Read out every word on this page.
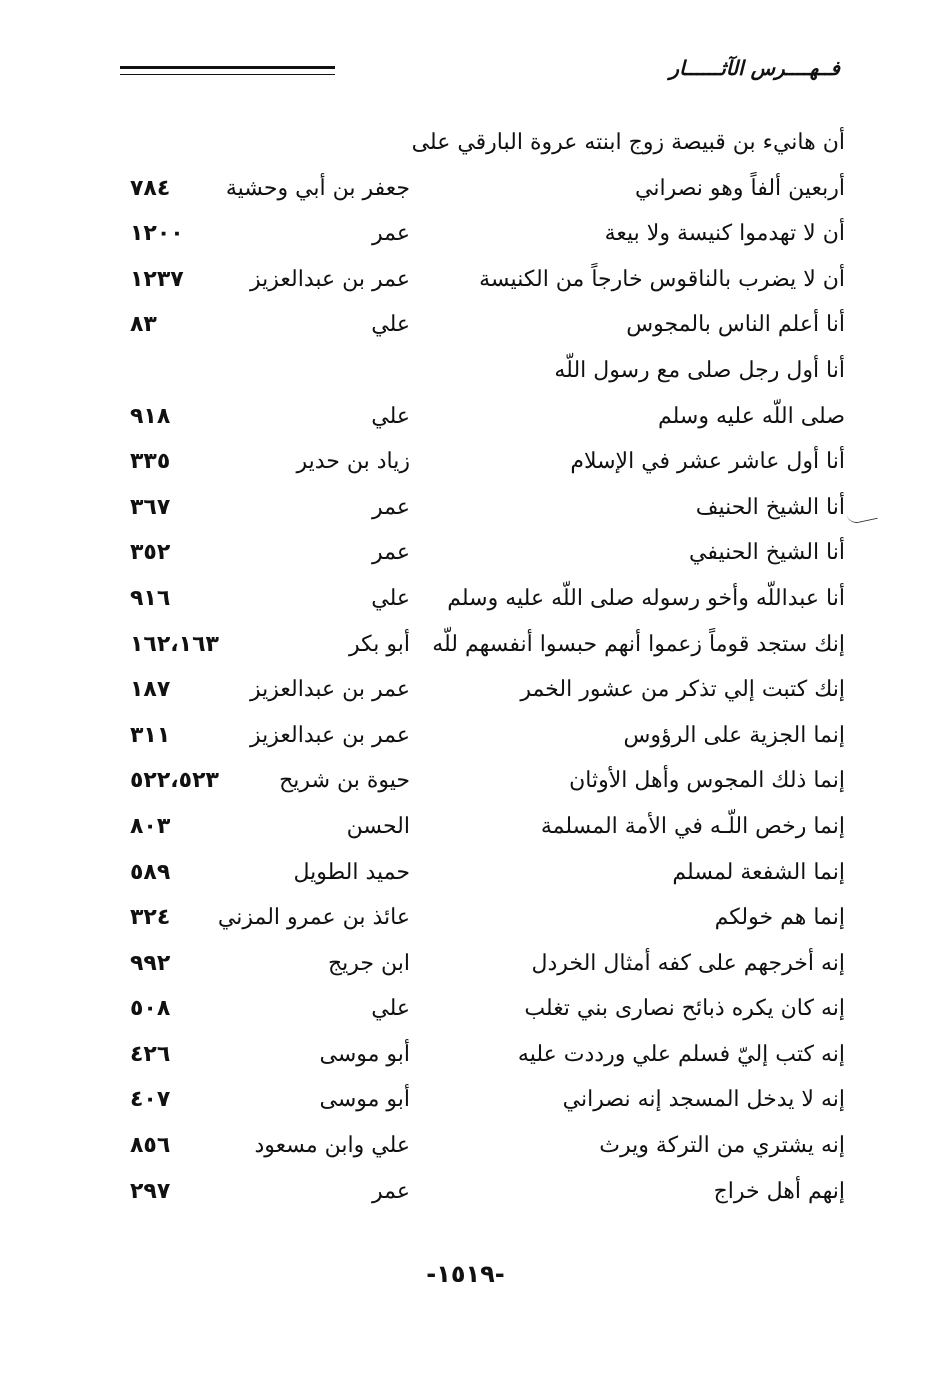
فــهــــرس الآثــــــار
أن هانيء بن قبيصة زوج ابنته عروة البارقي على
أربعين ألفاً وهو نصراني
جعفر بن أبي وحشية
٧٨٤
أن لا تهدموا كنيسة ولا بيعة
عمر
١٢٠٠
أن لا يضرب بالناقوس خارجاً من الكنيسة
عمر بن عبدالعزيز
١٢٣٧
أنا أعلم الناس بالمجوس
علي
٨٣
أنا أول رجل صلى مع رسول اللّه
صلى اللّه عليه وسلم
علي
٩١٨
أنا أول عاشر عشر في الإسلام
زياد بن حدير
٣٣٥
أنا الشيخ الحنيف
عمر
٣٦٧
أنا الشيخ الحنيفي
عمر
٣٥٢
أنا عبداللّه وأخو رسوله صلى اللّه عليه وسلم
علي
٩١٦
إنك ستجد قوماً زعموا أنهم حبسوا أنفسهم للّه
أبو بكر
١٦٢،١٦٣
إنك كتبت إلي تذكر من عشور الخمر
عمر بن عبدالعزيز
١٨٧
إنما الجزية على الرؤوس
عمر بن عبدالعزيز
٣١١
إنما ذلك المجوس وأهل الأوثان
حيوة بن شريح
٥٢٢،٥٢٣
إنما رخص اللّـه في الأمة المسلمة
الحسن
٨٠٣
إنما الشفعة لمسلم
حميد الطويل
٥٨٩
إنما هم خولكم
عائذ بن عمرو المزني
٣٢٤
إنه أخرجهم على كفه أمثال الخردل
ابن جريج
٩٩٢
إنه كان يكره ذبائح نصارى بني تغلب
علي
٥٠٨
إنه كتب إليّ فسلم علي ورددت عليه
أبو موسى
٤٢٦
إنه لا يدخل المسجد إنه نصراني
أبو موسى
٤٠٧
إنه يشتري من التركة ويرث
علي وابن مسعود
٨٥٦
إنهم أهل خراج
عمر
٢٩٧
-١٥١٩-
